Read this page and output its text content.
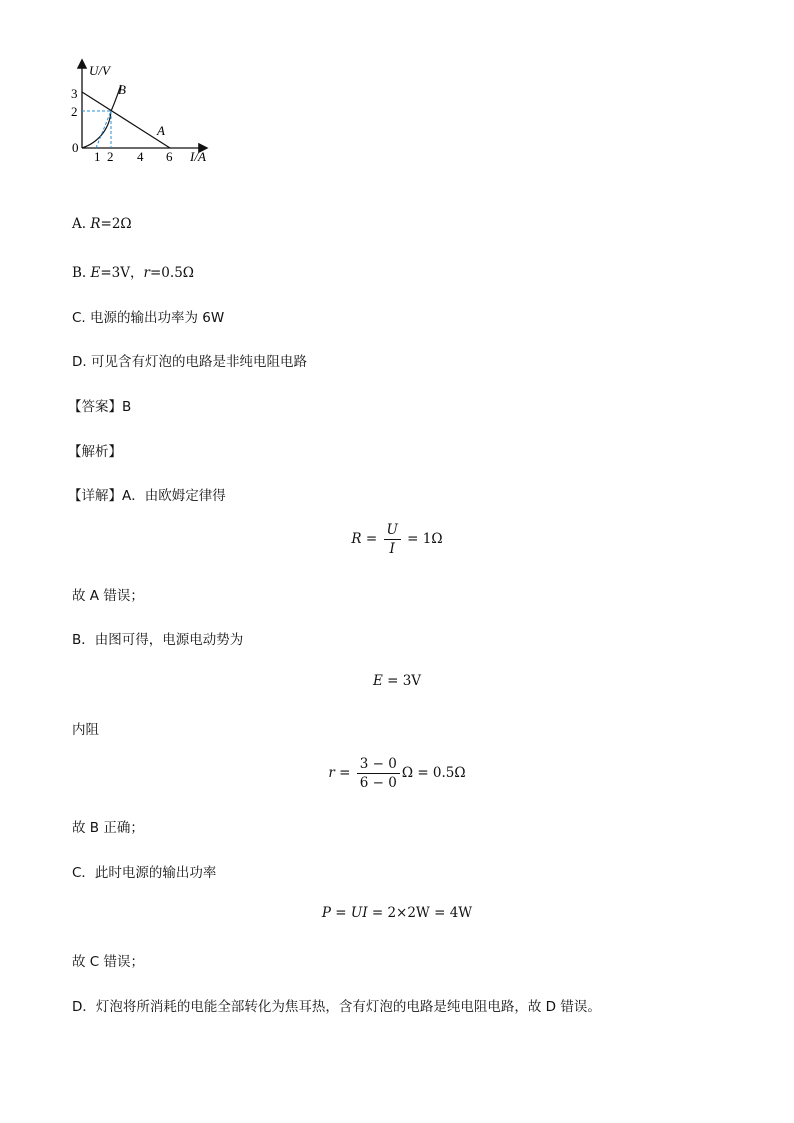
U/V
3
2
0
1 2 4 6 I/A
B
A
A. R=2Ω
B. E=3V，r=0.5Ω
C. 电源的输出功率为 6W
D. 可见含有灯泡的电路是非纯电阻电路
【答案】B
【解析】
【详解】A．由欧姆定律得
$R = \frac{U}{I} = 1\Omega$
故 A 错误；
B．由图可得，电源电动势为
E = 3V
内阻
$r = \frac{3 - 0}{6 - 0}$ Ω = 0.5Ω
故 B 正确；
C．此时电源的输出功率
P = UI = 2×2W = 4W
故 C 错误；
D．灯泡将所消耗的电能全部转化为焦耳热，含有灯泡的电路是纯电阻电路，故 D 错误。
